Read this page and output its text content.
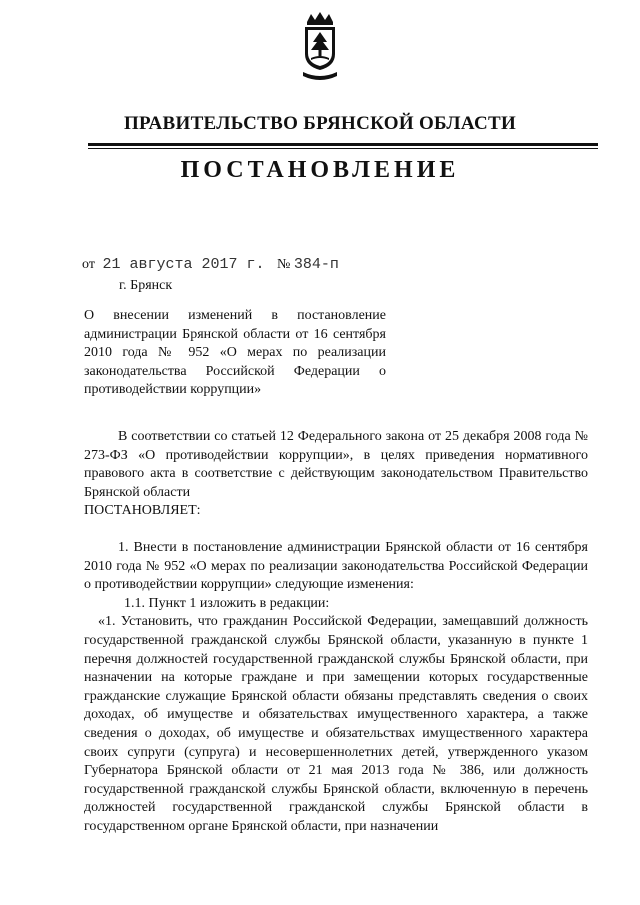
ПРАВИТЕЛЬСТВО БРЯНСКОЙ ОБЛАСТИ
ПОСТАНОВЛЕНИЕ
от 21 августа 2017 г. № 384-п
г. Брянск
О внесении изменений в постановление администрации Брянской области от 16 сентября 2010 года № 952 «О мерах по реализации законодательства Российской Федерации о противодействии коррупции»

В соответствии со статьей 12 Федерального закона от 25 декабря 2008 года № 273-ФЗ «О противодействии коррупции», в целях приведения нормативного правового акта в соответствие с действующим законодательством Правительство Брянской области

ПОСТАНОВЛЯЕТ:

1. Внести в постановление администрации Брянской области от 16 сентября 2010 года № 952 «О мерах по реализации законодательства Российской Федерации о противодействии коррупции» следующие изменения:

1.1. Пункт 1 изложить в редакции:

«1. Установить, что гражданин Российской Федерации, замещавший должность государственной гражданской службы Брянской области, указанную в пункте 1 перечня должностей государственной гражданской службы Брянской области, при назначении на которые граждане и при замещении которых государственные гражданские служащие Брянской области обязаны представлять сведения о своих доходах, об имуществе и обязательствах имущественного характера, а также сведения о доходах, об имуществе и обязательствах имущественного характера своих супруги (супруга) и несовершеннолетних детей, утвержденного указом Губернатора Брянской области от 21 мая 2013 года № 386, или должность государственной гражданской службы Брянской области, включенную в перечень должностей государственной гражданской службы Брянской области в государственном органе Брянской области, при назначении
